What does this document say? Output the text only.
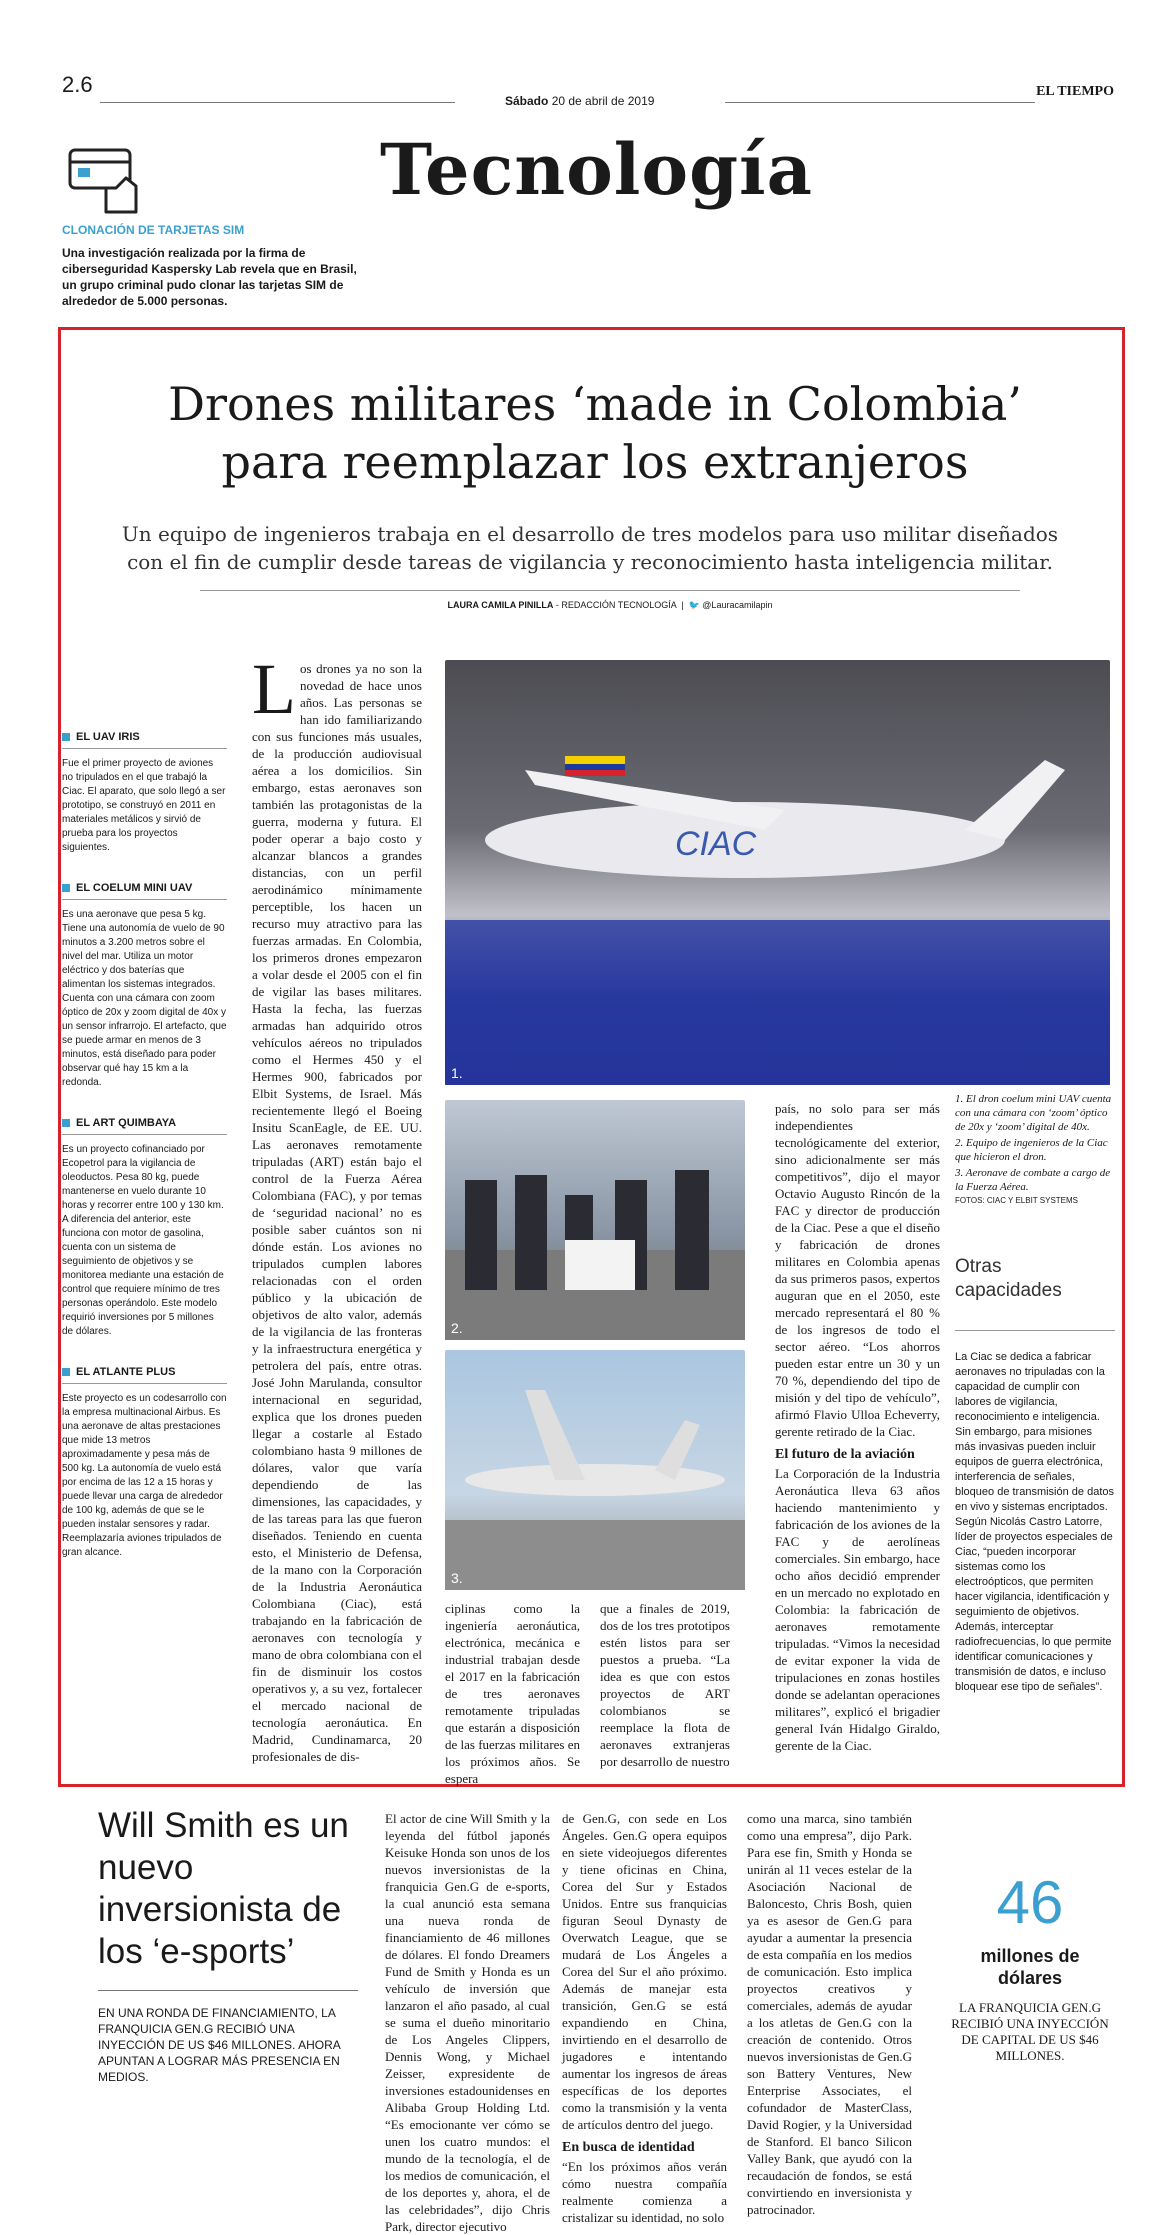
2.6
Sábado 20 de abril de 2019
EL TIEMPO
Tecnología
CLONACIÓN DE TARJETAS SIM
Una investigación realizada por la firma de ciberseguridad Kaspersky Lab revela que en Brasil, un grupo criminal pudo clonar las tarjetas SIM de alrededor de 5.000 personas.
Drones militares ‘made in Colombia’
para reemplazar los extranjeros
Un equipo de ingenieros trabaja en el desarrollo de tres modelos para uso militar diseñados con el fin de cumplir desde tareas de vigilancia y reconocimiento hasta inteligencia militar.
LAURA CAMILA PINILLA - REDACCIÓN TECNOLOGÍA  |  🐦 @Lauracamilapin
EL UAV IRIS
Fue el primer proyecto de aviones no tripulados en el que trabajó la Ciac. El aparato, que solo llegó a ser prototipo, se construyó en 2011 en materiales metálicos y sirvió de prueba para los proyectos siguientes.
EL COELUM MINI UAV
Es una aeronave que pesa 5 kg. Tiene una autonomía de vuelo de 90 minutos a 3.200 metros sobre el nivel del mar. Utiliza un motor eléctrico y dos baterías que alimentan los sistemas integrados. Cuenta con una cámara con zoom óptico de 20x y zoom digital de 40x y un sensor infrarrojo. El artefacto, que se puede armar en menos de 3 minutos, está diseñado para poder observar qué hay 15 km a la redonda.
EL ART QUIMBAYA
Es un proyecto cofinanciado por Ecopetrol para la vigilancia de oleoductos. Pesa 80 kg, puede mantenerse en vuelo durante 10 horas y recorrer entre 100 y 130 km. A diferencia del anterior, este funciona con motor de gasolina, cuenta con un sistema de seguimiento de objetivos y se monitorea mediante una estación de control que requiere mínimo de tres personas operándolo. Este modelo requirió inversiones por 5 millones de dólares.
EL ATLANTE PLUS
Este proyecto es un codesarrollo con la empresa multinacional Airbus. Es una aeronave de altas prestaciones que mide 13 metros aproximadamente y pesa más de 500 kg. La autonomía de vuelo está por encima de las 12 a 15 horas y puede llevar una carga de alrededor de 100 kg, además de que se le pueden instalar sensores y radar. Reemplazaría aviones tripulados de gran alcance.
Los drones ya no son la novedad de hace unos años. Las personas se han ido familiarizando con sus funciones más usuales, de la producción audiovisual aérea a los domicilios. Sin embargo, estas aeronaves son también las protagonistas de la guerra, moderna y futura. El poder operar a bajo costo y alcanzar blancos a grandes distancias, con un perfil aerodinámico mínimamente perceptible, los hacen un recurso muy atractivo para las fuerzas armadas. En Colombia, los primeros drones empezaron a volar desde el 2005 con el fin de vigilar las bases militares. Hasta la fecha, las fuerzas armadas han adquirido otros vehículos aéreos no tripulados como el Hermes 450 y el Hermes 900, fabricados por Elbit Systems, de Israel. Más recientemente llegó el Boeing Insitu ScanEagle, de EE. UU. Las aeronaves remotamente tripuladas (ART) están bajo el control de la Fuerza Aérea Colombiana (FAC), y por temas de ‘seguridad nacional’ no es posible saber cuántos son ni dónde están. Los aviones no tripulados cumplen labores relacionadas con el orden público y la ubicación de objetivos de alto valor, además de la vigilancia de las fronteras y la infraestructura energética y petrolera del país, entre otras. José John Marulanda, consultor internacional en seguridad, explica que los drones pueden llegar a costarle al Estado colombiano hasta 9 millones de dólares, valor que varía dependiendo de las dimensiones, las capacidades, y de las tareas para las que fueron diseñados. Teniendo en cuenta esto, el Ministerio de Defensa, de la mano con la Corporación de la Industria Aeronáutica Colombiana (Ciac), está trabajando en la fabricación de aeronaves con tecnología y mano de obra colombiana con el fin de disminuir los costos operativos y, a su vez, fortalecer el mercado nacional de tecnología aeronáutica. En Madrid, Cundinamarca, 20 profesionales de dis-
CIAC
1.
2.
3.
ciplinas como la ingeniería aeronáutica, electrónica, mecánica e industrial trabajan desde el 2017 en la fabricación de tres aeronaves remotamente tripuladas que estarán a disposición de las fuerzas militares en los próximos años. Se espera
que a finales de 2019, dos de los tres prototipos estén listos para ser puestos a prueba. “La idea es que con estos proyectos de ART colombianos se reemplace la flota de aeronaves extranjeras por desarrollo de nuestro
país, no solo para ser más independientes tecnológicamente del exterior, sino adicionalmente ser más competitivos”, dijo el mayor Octavio Augusto Rincón de la FAC y director de producción de la Ciac. Pese a que el diseño y fabricación de drones militares en Colombia apenas da sus primeros pasos, expertos auguran que en el 2050, este mercado representará el 80 % de los ingresos de todo el sector aéreo. “Los ahorros pueden estar entre un 30 y un 70 %, dependiendo del tipo de misión y del tipo de vehículo”, afirmó Flavio Ulloa Echeverry, gerente retirado de la Ciac.
El futuro de la aviación
La Corporación de la Industria Aeronáutica lleva 63 años haciendo mantenimiento y fabricación de los aviones de la FAC y de aerolíneas comerciales. Sin embargo, hace ocho años decidió emprender en un mercado no explotado en Colombia: la fabricación de aeronaves remotamente tripuladas. “Vimos la necesidad de evitar exponer la vida de tripulaciones en zonas hostiles donde se adelantan operaciones militares”, explicó el brigadier general Iván Hidalgo Giraldo, gerente de la Ciac.

1. El dron coelum mini UAV cuenta con una cámara con ‘zoom’ óptico de 20x y ‘zoom’ digital de 40x.

2. Equipo de ingenieros de la Ciac que hicieron el dron.

3. Aeronave de combate a cargo de la Fuerza Aérea.

FOTOS: CIAC Y ELBIT SYSTEMS

Otras
capacidades
La Ciac se dedica a fabricar aeronaves no tripuladas con la capacidad de cumplir con labores de vigilancia, reconocimiento e inteligencia. Sin embargo, para misiones más invasivas pueden incluir equipos de guerra electrónica, interferencia de señales, bloqueo de transmisión de datos en vivo y sistemas encriptados. Según Nicolás Castro Latorre, líder de proyectos especiales de Ciac, “pueden incorporar sistemas como los electroópticos, que permiten hacer vigilancia, identificación y seguimiento de objetivos. Además, interceptar radiofrecuencias, lo que permite identificar comunicaciones y transmisión de datos, e incluso bloquear ese tipo de señales”.
Will Smith es un nuevo inversionista de los ‘e-sports’
EN UNA RONDA DE FINANCIAMIENTO, LA FRANQUICIA GEN.G RECIBIÓ UNA INYECCIÓN DE US $46 MILLONES. AHORA APUNTAN A LOGRAR MÁS PRESENCIA EN MEDIOS.
El actor de cine Will Smith y la leyenda del fútbol japonés Keisuke Honda son unos de los nuevos inversionistas de la franquicia Gen.G de e-sports, la cual anunció esta semana una nueva ronda de financiamiento de 46 millones de dólares. El fondo Dreamers Fund de Smith y Honda es un vehículo de inversión que lanzaron el año pasado, al cual se suma el dueño minoritario de Los Angeles Clippers, Dennis Wong, y Michael Zeisser, expresidente de inversiones estadounidenses en Alibaba Group Holding Ltd. “Es emocionante ver cómo se unen los cuatro mundos: el mundo de la tecnología, el de los medios de comunicación, el de los deportes y, ahora, el de las celebridades”, dijo Chris Park, director ejecutivo
de Gen.G, con sede en Los Ángeles. Gen.G opera equipos en siete videojuegos diferentes y tiene oficinas en China, Corea del Sur y Estados Unidos. Entre sus franquicias figuran Seoul Dynasty de Overwatch League, que se mudará de Los Ángeles a Corea del Sur el año próximo. Además de manejar esta transición, Gen.G se está expandiendo en China, invirtiendo en el desarrollo de jugadores e intentando aumentar los ingresos de áreas específicas de los deportes como la transmisión y la venta de artículos dentro del juego.
En busca de identidad
“En los próximos años verán cómo nuestra compañía realmente comienza a cristalizar su identidad, no solo
como una marca, sino también como una empresa”, dijo Park. Para ese fin, Smith y Honda se unirán al 11 veces estelar de la Asociación Nacional de Baloncesto, Chris Bosh, quien ya es asesor de Gen.G para ayudar a aumentar la presencia de esta compañía en los medios de comunicación. Esto implica proyectos creativos y comerciales, además de ayudar a los atletas de Gen.G con la creación de contenido. Otros nuevos inversionistas de Gen.G son Battery Ventures, New Enterprise Associates, el cofundador de MasterClass, David Rogier, y la Universidad de Stanford. El banco Silicon Valley Bank, que ayudó con la recaudación de fondos, se está convirtiendo en inversionista y patrocinador.
46
millones de dólares
LA FRANQUICIA GEN.G RECIBIÓ UNA INYECCIÓN DE CAPITAL DE US $46 MILLONES.
